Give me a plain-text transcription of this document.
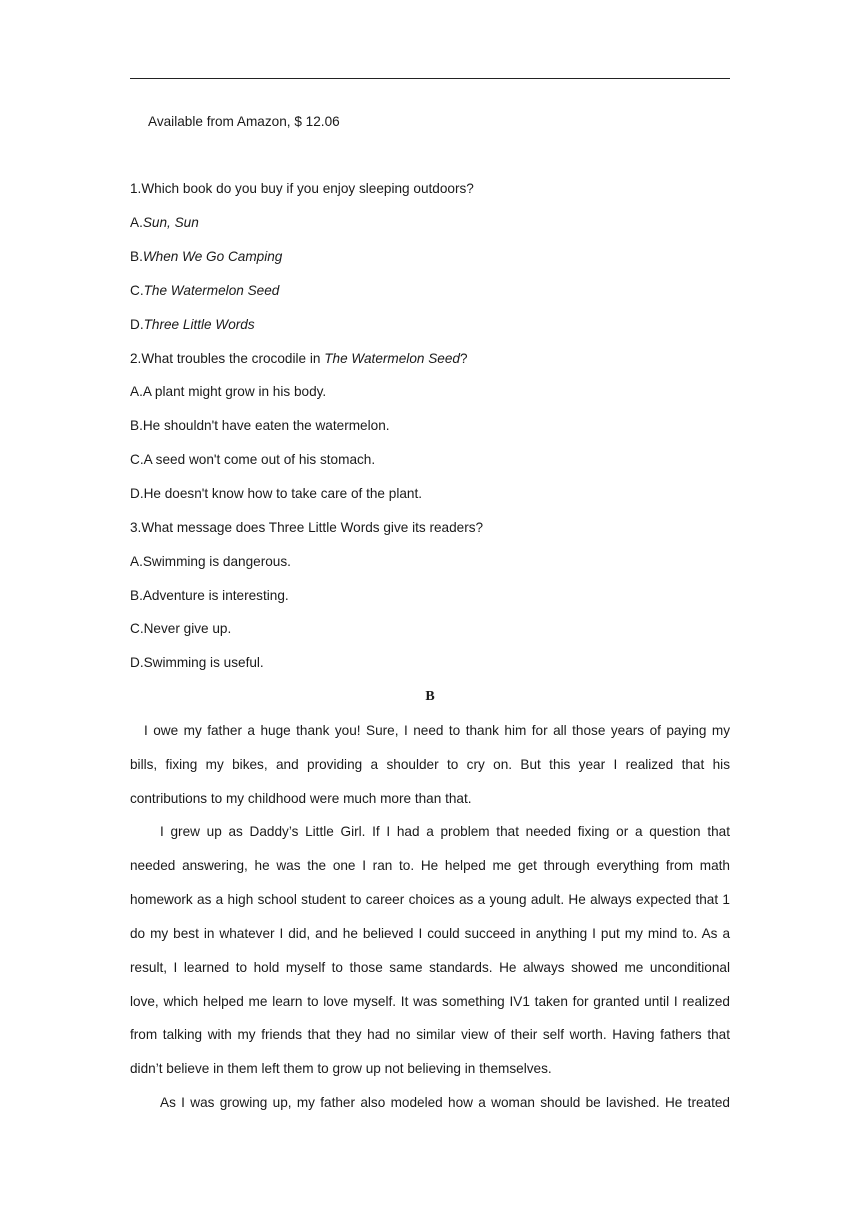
Available from Amazon, $ 12.06
1.Which book do you buy if you enjoy sleeping outdoors?
A.Sun, Sun
B.When We Go Camping
C.The Watermelon Seed
D.Three Little Words
2.What troubles the crocodile in The Watermelon Seed?
A.A plant might grow in his body.
B.He shouldn't have eaten the watermelon.
C.A seed won't come out of his stomach.
D.He doesn't know how to take care of the plant.
3.What message does Three Little Words give its readers?
A.Swimming is dangerous.
B.Adventure is interesting.
C.Never give up.
D.Swimming is useful.
B
I owe my father a huge thank you! Sure, I need to thank him for all those years of paying my
bills, fixing my bikes, and providing a shoulder to cry on. But this year I realized that his
contributions to my childhood were much more than that.
I grew up as Daddy’s Little Girl. If I had a problem that needed fixing or a question that
needed answering, he was the one I ran to. He helped me get through everything from math
homework as a high school student to career choices as a young adult. He always expected that 1
do my best in whatever I did, and he believed I could succeed in anything I put my mind to. As a
result, I learned to hold myself to those same standards. He always showed me unconditional
love, which helped me learn to love myself. It was something IV1 taken for granted until I realized
from talking with my friends that they had no similar view of their self worth. Having fathers that
didn’t believe in them left them to grow up not believing in themselves.
As I was growing up, my father also modeled how a woman should be lavished. He treated
